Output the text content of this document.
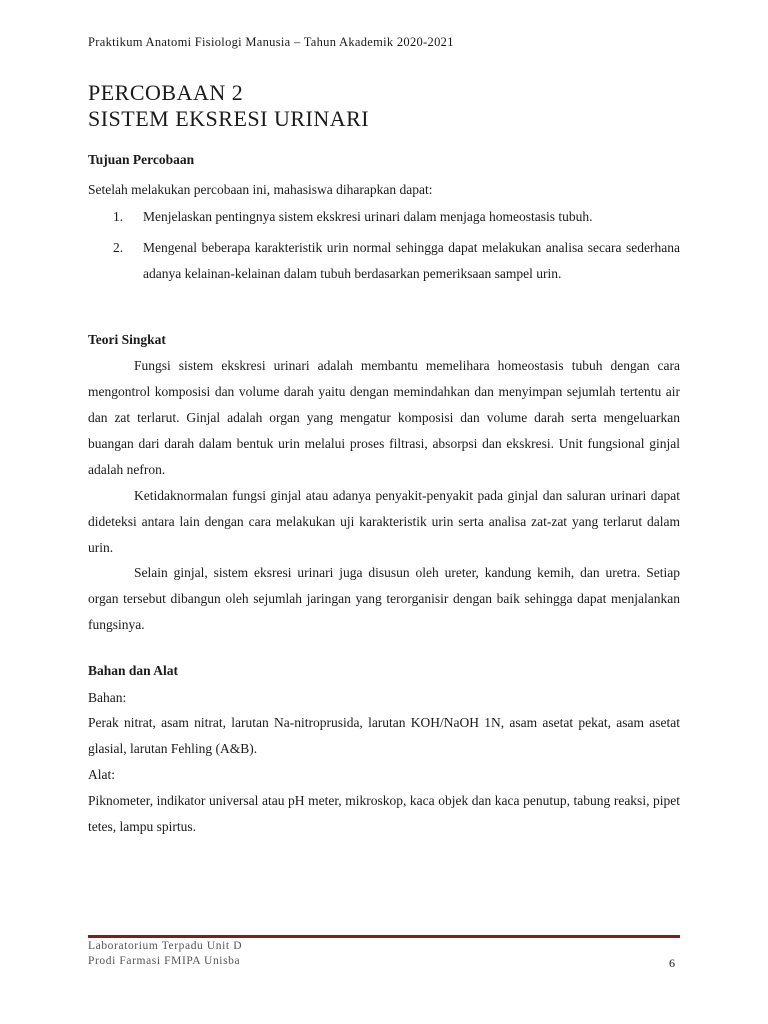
Praktikum Anatomi Fisiologi Manusia – Tahun Akademik 2020-2021
PERCOBAAN 2
SISTEM EKSRESI URINARI
Tujuan Percobaan

Setelah melakukan percobaan ini, mahasiswa diharapkan dapat:

1. Menjelaskan pentingnya sistem ekskresi urinari dalam menjaga homeostasis tubuh.
2. Mengenal beberapa karakteristik urin normal sehingga dapat melakukan analisa secara sederhana adanya kelainan-kelainan dalam tubuh berdasarkan pemeriksaan sampel urin.
Teori Singkat

Fungsi sistem ekskresi urinari adalah membantu memelihara homeostasis tubuh dengan cara mengontrol komposisi dan volume darah yaitu dengan memindahkan dan menyimpan sejumlah tertentu air dan zat terlarut. Ginjal adalah organ yang mengatur komposisi dan volume darah serta mengeluarkan buangan dari darah dalam bentuk urin melalui proses filtrasi, absorpsi dan ekskresi. Unit fungsional ginjal adalah nefron.

Ketidaknormalan fungsi ginjal atau adanya penyakit-penyakit pada ginjal dan saluran urinari dapat dideteksi antara lain dengan cara melakukan uji karakteristik urin serta analisa zat-zat yang terlarut dalam urin.

Selain ginjal, sistem eksresi urinari juga disusun oleh ureter, kandung kemih, dan uretra. Setiap organ tersebut dibangun oleh sejumlah jaringan yang terorganisir dengan baik sehingga dapat menjalankan fungsinya.

Bahan dan Alat

Bahan:

Perak nitrat, asam nitrat, larutan Na-nitroprusida, larutan KOH/NaOH 1N, asam asetat pekat, asam asetat glasial, larutan Fehling (A&B).

Alat:

Piknometer, indikator universal atau pH meter, mikroskop, kaca objek dan kaca penutup, tabung reaksi, pipet tetes, lampu spirtus.

Laboratorium Terpadu Unit D
Prodi Farmasi FMIPA Unisba	6
